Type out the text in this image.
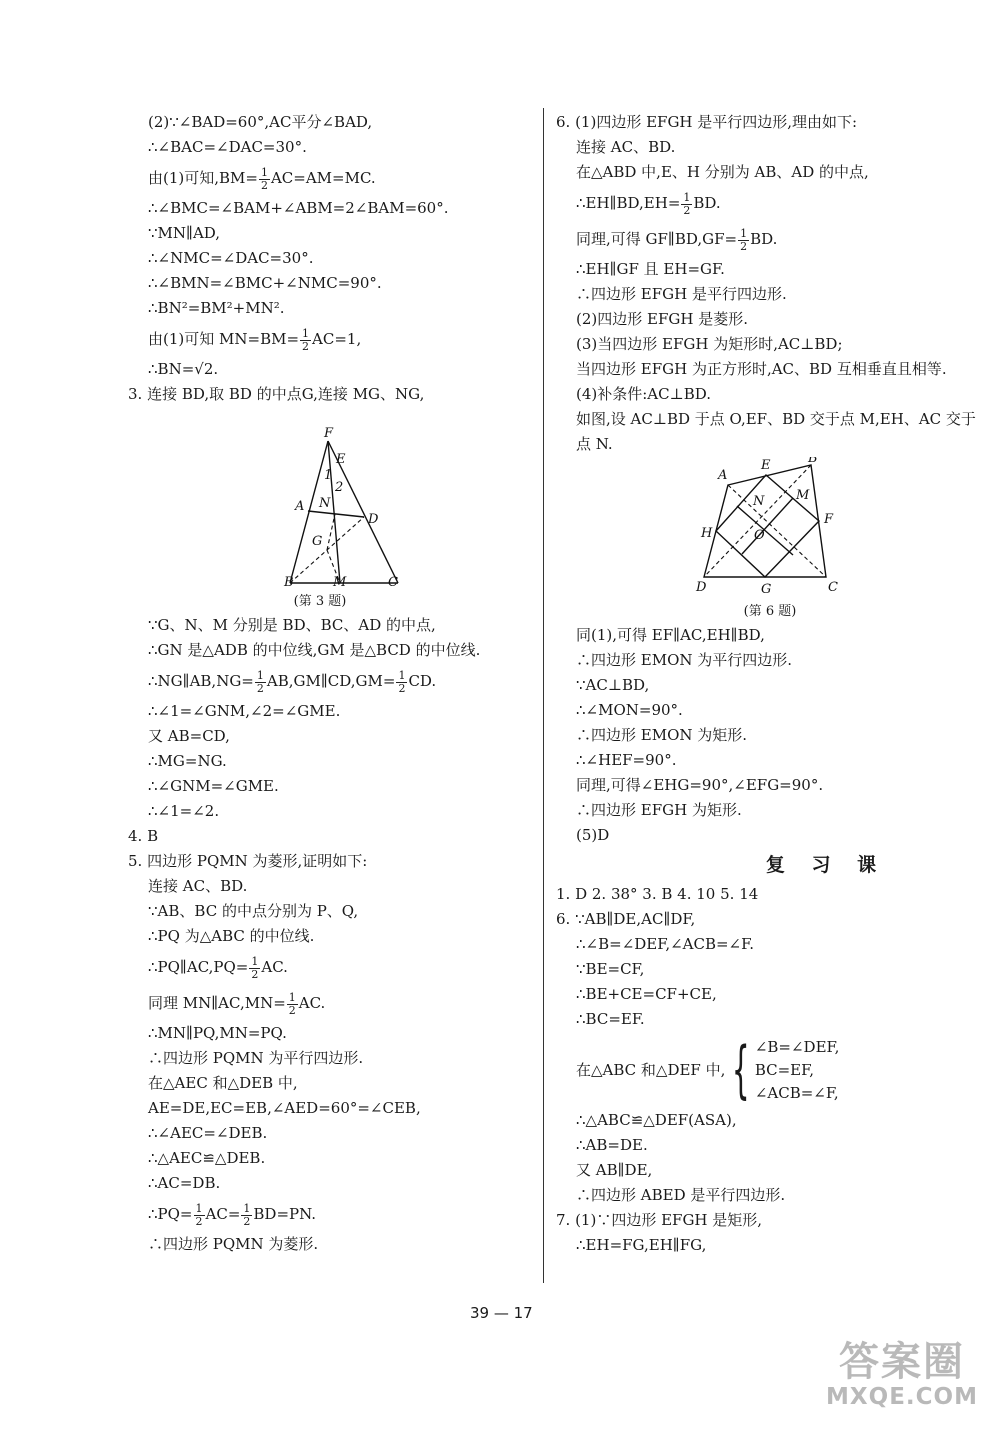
(2)∵∠BAD=60°,AC平分∠BAD,
∴∠BAC=∠DAC=30°.
由(1)可知$,BM= \frac{1}{2} AC=AM=MC$.
∴∠BMC=∠BAM+∠ABM=2∠BAM=60°.
∵MN∥AD,
∴∠NMC=∠DAC=30°.
∴∠BMN=∠BMC+∠NMC=90°.
∴BN²=BM²+MN².
由(1)可知 $MN=BM= \frac{1}{2} AC=1$,
∴BN=√2.
3. 连接 BD,取 BD 的中点G,连接 MG、NG,
F
E
1
2
A N
D
G
B	M	C
(第 3 题)
∵G、N、M 分别是 BD、BC、AD 的中点,
∴GN 是△ADB 的中位线,GM 是△BCD 的中位线.
∴NG∥AB,NG= $\frac{1}{2}$ AB,GM∥CD,GM= $\frac{1}{2}$ CD.
∴∠1=∠GNM,∠2=∠GME.
又 AB=CD,
∴MG=NG.
∴∠GNM=∠GME.
∴∠1=∠2.
4. B
5. 四边形 PQMN 为菱形,证明如下:
连接 AC、BD.
∵AB、BC 的中点分别为 P、Q,
∴PQ 为△ABC 的中位线.
∴PQ∥AC,PQ= $\frac{1}{2}$ AC.
同理 MN∥AC,MN= $\frac{1}{2}$ AC.
∴MN∥PQ,MN=PQ.
∴四边形 PQMN 为平行四边形.
在△AEC 和△DEB 中,
AE=DE,EC=EB,∠AED=60°=∠CEB,
∴∠AEC=∠DEB.
∴△AEC≌△DEB.
∴AC=DB.
∴PQ= $\frac{1}{2} AC= \frac{1}{2} BD=PN$.
∴四边形 PQMN 为菱形.
6. (1)四边形 EFGH 是平行四边形,理由如下:
连接 AC、BD.
在△ABD 中,E、H 分别为 AB、AD 的中点,
∴EH∥BD,EH= $\frac{1}{2}$ BD.
同理,可得 GF∥BD,GF= $\frac{1}{2}$ BD.
∴EH∥GF 且 EH=GF.
∴四边形 EFGH 是平行四边形.
(2)四边形 EFGH 是菱形.
(3)当四边形 EFGH 为矩形时,AC⊥BD;
当四边形 EFGH 为正方形时,AC、BD 互相垂直且相等.
(4)补条件:AC⊥BD.
如图,设 AC⊥BD 于点 O,EF、BD 交于点 M,EH、AC 交于
点 N.
A
E	B
N M
H	O
F
D	G	C
(第 6 题)
同(1),可得 EF∥AC,EH∥BD,
∴四边形 EMON 为平行四边形.
∵AC⊥BD,
∴∠MON=90°.
∴四边形 EMON 为矩形.
∴∠HEF=90°.
同理,可得∠EHG=90°,∠EFG=90°.
∴四边形 EFGH 为矩形.
(5)D
复 习 课
1. D 2. 38° 3. B 4. 10 5. 14
6. ∵AB∥DE,AC∥DF,
∴∠B=∠DEF,∠ACB=∠F.
∵BE=CF,
∴BE+CE=CF+CE,
∴BC=EF.
在△ABC 和△DEF 中, { ∠B=∠DEF,
BC=EF,
∠ACB=∠F,
∴△ABC≌△DEF(ASA),
∴AB=DE.
又 AB∥DE,
∴四边形 ABED 是平行四边形.
7. (1)∵四边形 EFGH 是矩形,
∴EH=FG,EH∥FG,
39 — 17
答案圈
MXQE.COM
